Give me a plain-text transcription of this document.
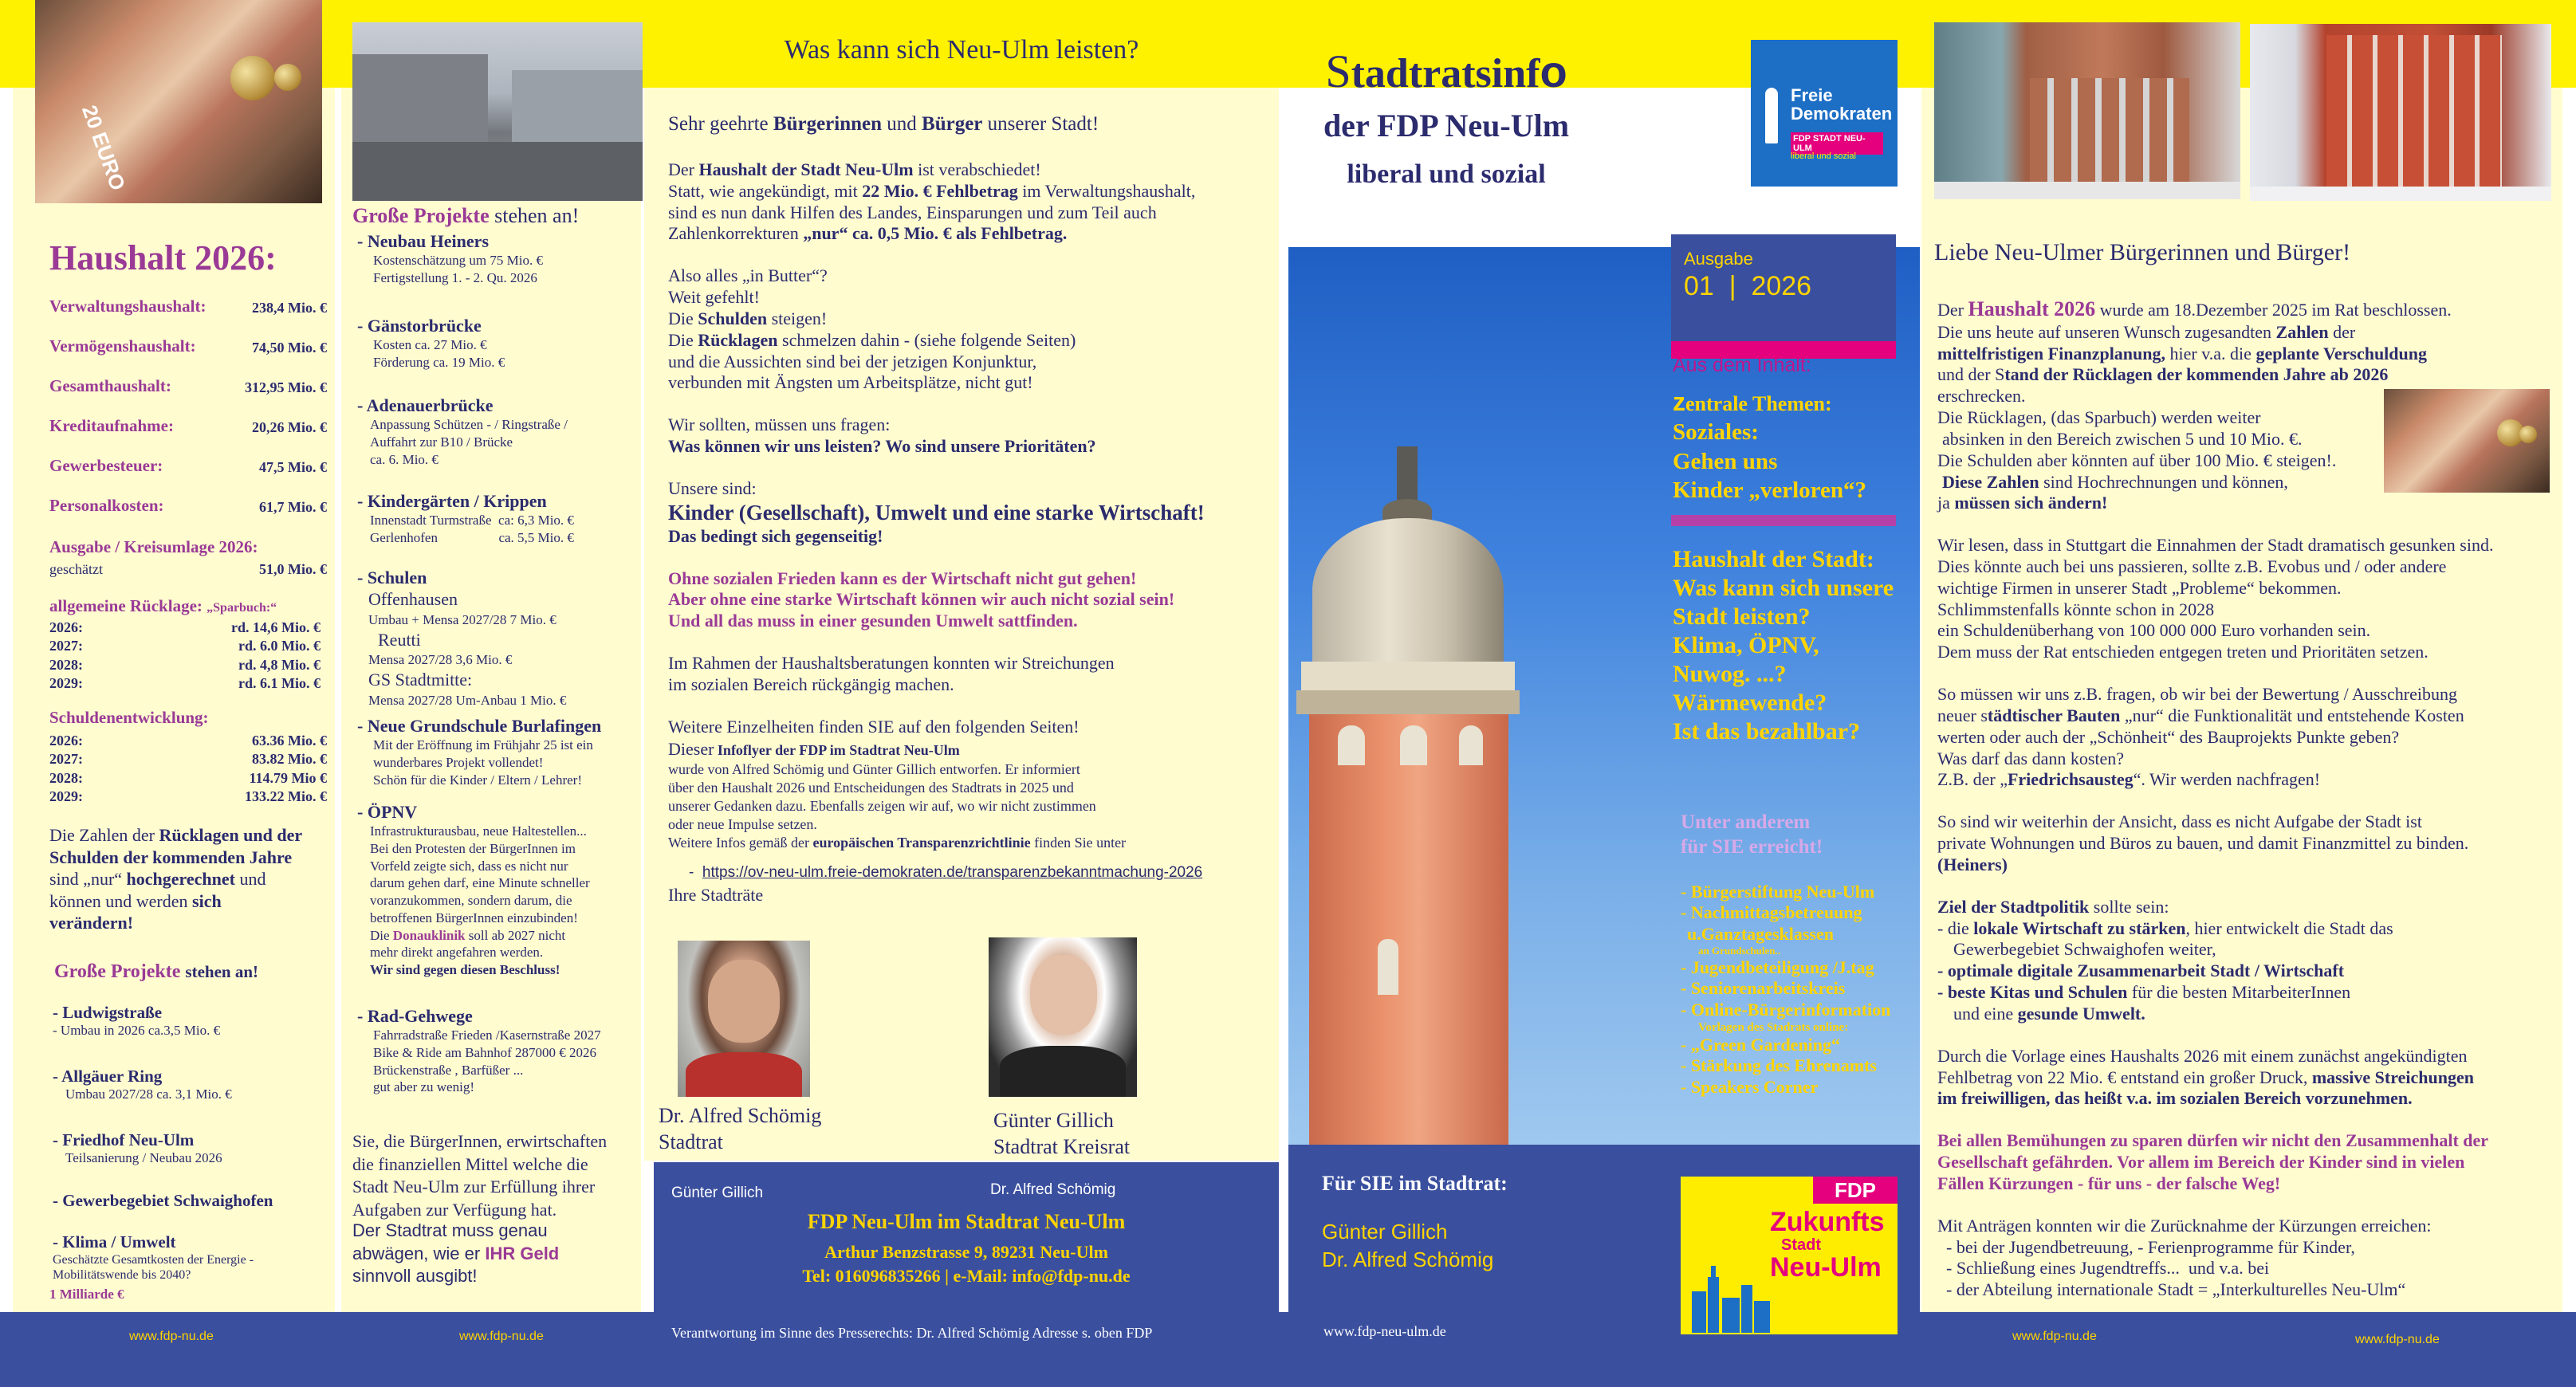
20 EURO
Haushalt 2026:
Verwaltungshaushalt:	238,4 Mio. €
Vermögenshaushalt:	74,50 Mio. €
Gesamthaushalt:	312,95 Mio. €
Kreditaufnahme:	20,26 Mio. €
Gewerbesteuer:	47,5 Mio. €
Personalkosten:	61,7 Mio. €
Ausgabe / Kreisumlage 2026:
geschätzt	51,0 Mio. €
allgemeine Rücklage: „Sparbuch:“
2026:	rd. 14,6 Mio. €
2027:	rd. 6.0 Mio. €
2028:	rd. 4,8 Mio. €
2029:	rd. 6.1 Mio. €
Schuldenentwicklung:
2026:	63.36 Mio. €
2027:	83.82 Mio. €
2028:	114.79 Mio €
2029:	133.22 Mio. €
Die Zahlen der Rücklagen und der Schulden der kommenden Jahre sind „nur“ hochgerechnet und können und werden sich verändern!
Große Projekte stehen an!
- Ludwigstraße
- Umbau in 2026 ca.3,5 Mio. €
- Allgäuer Ring
Umbau 2027/28 ca. 3,1 Mio. €
- Friedhof Neu-Ulm
Teilsanierung / Neubau 2026
- Gewerbegebiet Schwaighofen
- Klima / Umwelt
Geschätzte Gesamtkosten der Energie - Mobilitätswende bis 2040?
1 Milliarde €
www.fdp-nu.de
Große Projekte stehen an!
- Neubau Heiners
Kostenschätzung um 75 Mio. €
Fertigstellung 1. - 2. Qu. 2026
- Gänstorbrücke
Kosten ca. 27 Mio. €
Förderung ca. 19 Mio. €
- Adenauerbrücke
Anpassung Schützen - / Ringstraße /
Auffahrt zur B10 / Brücke
ca. 6. Mio. €
- Kindergärten / Krippen
Innenstadt Turmstraße  ca: 6,3 Mio. €
Gerlenhofen                  ca. 5,5 Mio. €
- Schulen
Offenhausen
Umbau + Mensa 2027/28 7 Mio. €
Reutti
Mensa 2027/28 3,6 Mio. €
GS Stadtmitte:
Mensa 2027/28 Um-Anbau 1 Mio. €
- Neue Grundschule Burlafingen
Mit der Eröffnung im Frühjahr 25 ist ein
wunderbares Projekt vollendet!
Schön für die Kinder / Eltern / Lehrer!
- ÖPNV
Infrastrukturausbau, neue Haltestellen...
Bei den Protesten der BürgerInnen im
Vorfeld zeigte sich, dass es nicht nur
darum gehen darf, eine Minute schneller
voranzukommen, sondern darum, die
betroffenen BürgerInnen einzubinden!
Die Donauklinik soll ab 2027 nicht
mehr direkt angefahren werden.
Wir sind gegen diesen Beschluss!
- Rad-Gehwege
Fahrradstraße Frieden /Kasernstraße 2027
Bike & Ride am Bahnhof 287000 € 2026
Brückenstraße , Barfüßer ...
gut aber zu wenig!
Sie, die BürgerInnen, erwirtschaften
die finanziellen Mittel welche die
Stadt Neu-Ulm zur Erfüllung ihrer
Aufgaben zur Verfügung hat.
Der Stadtrat muss genau
abwägen, wie er IHR Geld
sinnvoll ausgibt!
www.fdp-nu.de
Was kann sich Neu-Ulm leisten?
Sehr geehrte Bürgerinnen und Bürger unserer Stadt!
Der Haushalt der Stadt Neu-Ulm ist verabschiedet!
Statt, wie angekündigt, mit 22 Mio. € Fehlbetrag im Verwaltungshaushalt,
sind es nun dank Hilfen des Landes, Einsparungen und zum Teil auch
Zahlenkorrekturen „nur“ ca. 0,5 Mio. € als Fehlbetrag.
Also alles „in Butter“?
Weit gefehlt!
Die Schulden steigen!
Die Rücklagen schmelzen dahin - (siehe folgende Seiten)
und die Aussichten sind bei der jetzigen Konjunktur,
verbunden mit Ängsten um Arbeitsplätze, nicht gut!
Wir sollten, müssen uns fragen:
Was können wir uns leisten? Wo sind unsere Prioritäten?
Unsere sind:
Kinder (Gesellschaft), Umwelt und eine starke Wirtschaft!
Das bedingt sich gegenseitig!
Ohne sozialen Frieden kann es der Wirtschaft nicht gut gehen!
Aber ohne eine starke Wirtschaft können wir auch nicht sozial sein!
Und all das muss in einer gesunden Umwelt sattfinden.
Im Rahmen der Haushaltsberatungen konnten wir Streichungen
im sozialen Bereich rückgängig machen.
Weitere Einzelheiten finden SIE auf den folgenden Seiten!
Dieser Infoflyer der FDP im Stadtrat Neu-Ulm
wurde von Alfred Schömig und Günter Gillich entworfen. Er informiert
über den Haushalt 2026 und Entscheidungen des Stadtrats in 2025 und
unserer Gedanken dazu. Ebenfalls zeigen wir auf, wo wir nicht zustimmen
oder neue Impulse setzen.
Weitere Infos gemäß der europäischen Transparenzrichtlinie finden Sie unter
-  https://ov-neu-ulm.freie-demokraten.de/transparenzbekanntmachung-2026
Ihre Stadträte
Dr. Alfred Schömig
Stadtrat
Günter Gillich
Stadtrat Kreisrat
Günter Gillich	Dr. Alfred Schömig
FDP Neu-Ulm im Stadtrat Neu-Ulm
Arthur Benzstrasse 9, 89231 Neu-Ulm
Tel: 016096835266 | e-Mail: info@fdp-nu.de
Verantwortung im Sinne des Presserechts: Dr. Alfred Schömig Adresse s. oben FDP
Stadtratsinfo
der FDP Neu-Ulm
liberal und sozial
Freie
Demokraten
FDP STADT NEU-ULM
liberal und sozial
Ausgabe
01  |  2026
Aus dem Inhalt:
zentrale Themen:
Soziales:
Gehen uns
Kinder „verloren“?
Haushalt der Stadt:
Was kann sich unsere
Stadt leisten?
Klima, ÖPNV,
Nuwog. ...?
Wärmewende?
Ist das bezahlbar?
Unter anderem
für SIE erreicht!
- Bürgerstiftung Neu-Ulm
- Nachmittagsbetreuung
u.Ganztagesklassen
an Grundschulen..
- Jugendbeteiligung /J.tag
- Seniorenarbeitskreis
- Online-Bürgerinformation
Vorlagen des Stadrats online:
- „Green Gardening“
- Stärkung des Ehrenamts
- Speakers Corner
Für SIE im Stadtrat:
Günter Gillich
Dr. Alfred Schömig
FDP
Zukunfts
Stadt
Neu-Ulm
www.fdp-neu-ulm.de
Liebe Neu-Ulmer Bürgerinnen und Bürger!
Der Haushalt 2026 wurde am 18.Dezember 2025 im Rat beschlossen.
Die uns heute auf unseren Wunsch zugesandten Zahlen der
mittelfristigen Finanzplanung, hier v.a. die geplante Verschuldung
und der Stand der Rücklagen der kommenden Jahre ab 2026
erschrecken.
Die Rücklagen, (das Sparbuch) werden weiter
absinken in den Bereich zwischen 5 und 10 Mio. €.
Die Schulden aber könnten auf über 100 Mio. € steigen!.
Diese Zahlen sind Hochrechnungen und können,
ja müssen sich ändern!
Wir lesen, dass in Stuttgart die Einnahmen der Stadt dramatisch gesunken sind.
Dies könnte auch bei uns passieren, sollte z.B. Evobus und / oder andere
wichtige Firmen in unserer Stadt „Probleme“ bekommen.
Schlimmstenfalls könnte schon in 2028
ein Schuldenüberhang von 100 000 000 Euro vorhanden sein.
Dem muss der Rat entschieden entgegen treten und Prioritäten setzen.
So müssen wir uns z.B. fragen, ob wir bei der Bewertung / Ausschreibung
neuer städtischer Bauten „nur“ die Funktionalität und entstehende Kosten
werten oder auch der „Schönheit“ des Bauprojekts Punkte geben?
Was darf das dann kosten?
Z.B. der „Friedrichsausteg“. Wir werden nachfragen!
So sind wir weiterhin der Ansicht, dass es nicht Aufgabe der Stadt ist
private Wohnungen und Büros zu bauen, und damit Finanzmittel zu binden.
(Heiners)
Ziel der Stadtpolitik sollte sein:
- die lokale Wirtschaft zu stärken, hier entwickelt die Stadt das
Gewerbegebiet Schwaighofen weiter,
- optimale digitale Zusammenarbeit Stadt / Wirtschaft
- beste Kitas und Schulen für die besten MitarbeiterInnen
und eine gesunde Umwelt.
Durch die Vorlage eines Haushalts 2026 mit einem zunächst angekündigten
Fehlbetrag von 22 Mio. € entstand ein großer Druck, massive Streichungen
im freiwilligen, das heißt v.a. im sozialen Bereich vorzunehmen.
Bei allen Bemühungen zu sparen dürfen wir nicht den Zusammenhalt der
Gesellschaft gefährden. Vor allem im Bereich der Kinder sind in vielen
Fällen Kürzungen - für uns - der falsche Weg!
Mit Anträgen konnten wir die Zurücknahme der Kürzungen erreichen:
- bei der Jugendbetreuung, - Ferienprogramme für Kinder,
- Schließung eines Jugendtreffs...  und v.a. bei
- der Abteilung internationale Stadt = „Interkulturelles Neu-Ulm“
www.fdp-nu.de	www.fdp-nu.de
